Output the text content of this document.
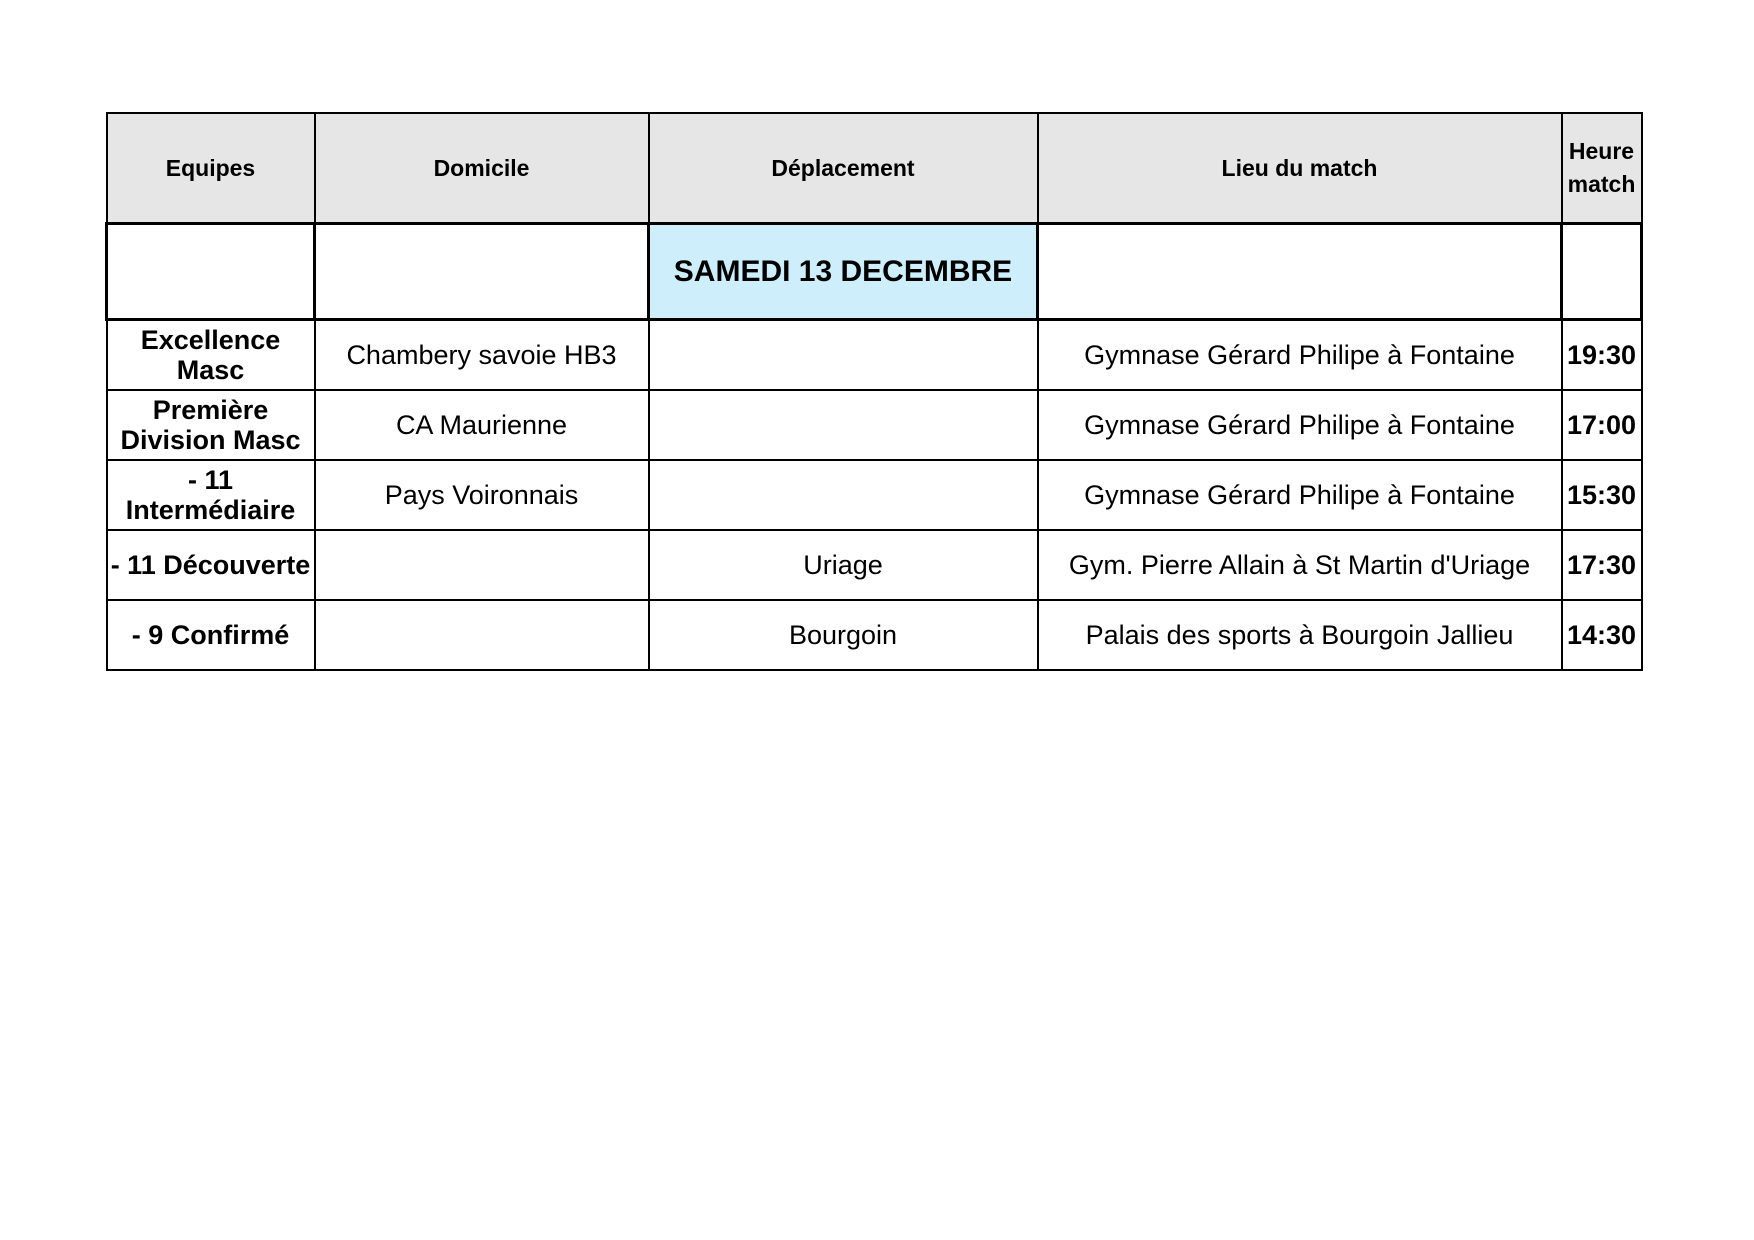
Equipes	Domicile	Déplacement	Lieu du match	Heure
match
		SAMEDI 13 DECEMBRE		
Excellence Masc	Chambery savoie HB3		Gymnase Gérard Philipe à Fontaine	19:30
Première Division Masc	CA Maurienne		Gymnase Gérard Philipe à Fontaine	17:00
- 11 Intermédiaire	Pays Voironnais		Gymnase Gérard Philipe à Fontaine	15:30
- 11 Découverte		Uriage	Gym. Pierre Allain à St Martin d'Uriage	17:30
- 9 Confirmé		Bourgoin	Palais des sports à Bourgoin Jallieu	14:30
